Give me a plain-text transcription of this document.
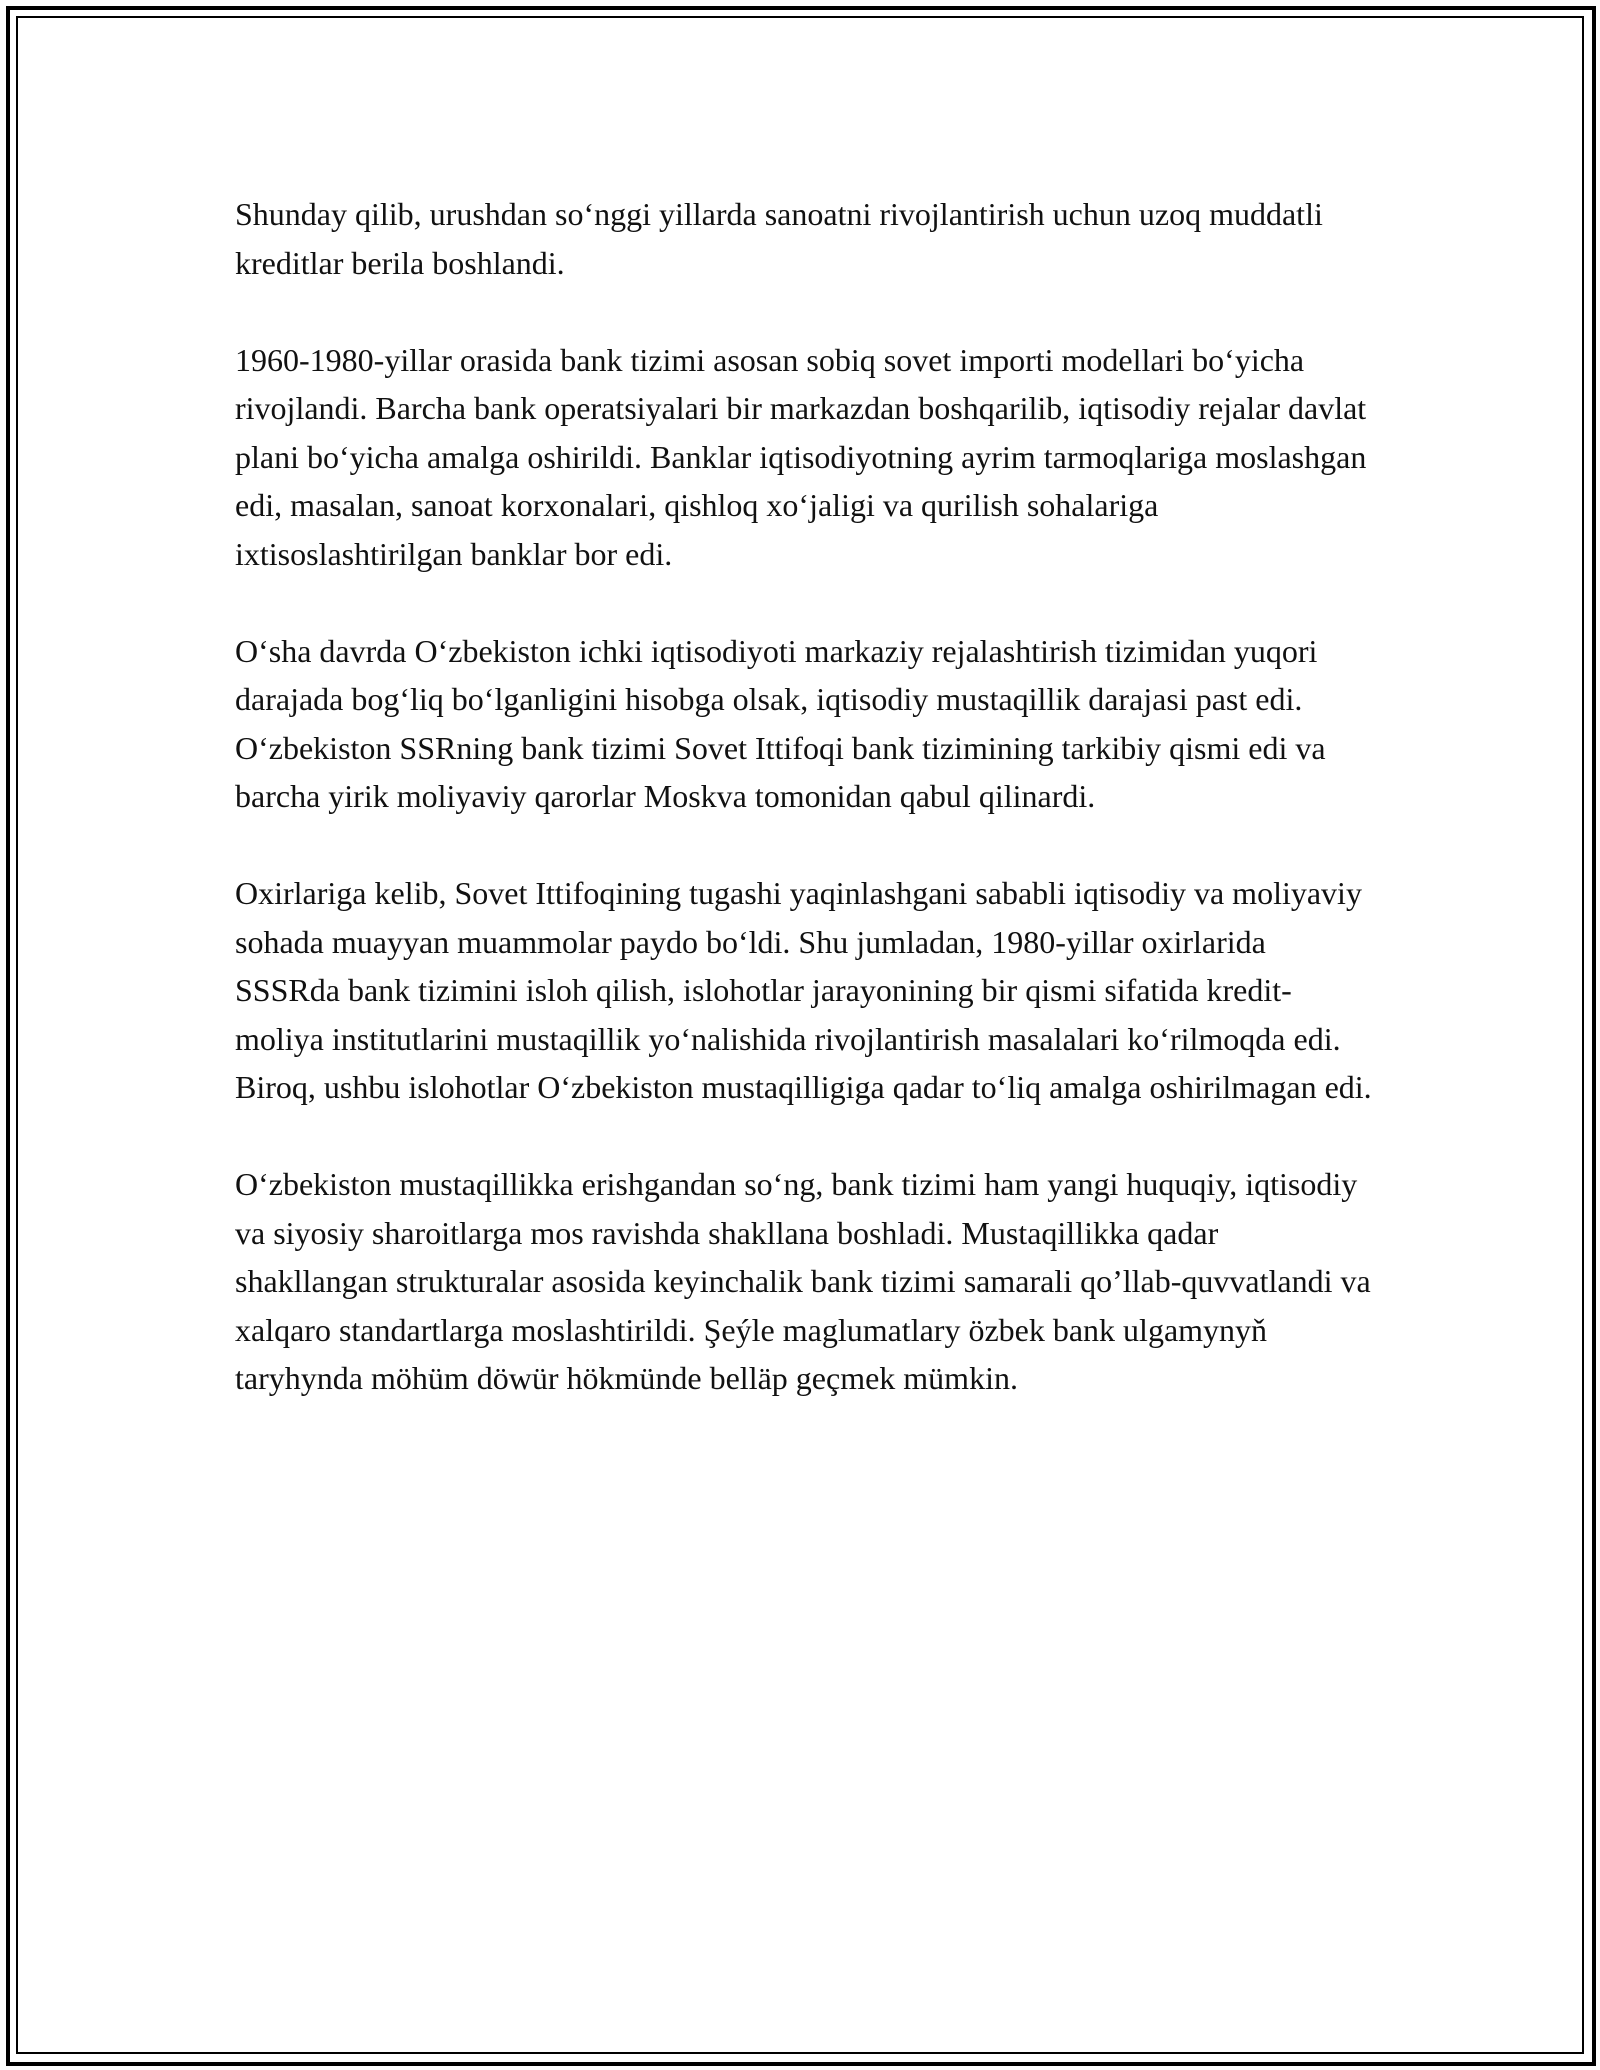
Shunday qilib, urushdan so‘nggi yillarda sanoatni rivojlantirish uchun uzoq muddatli kreditlar berila boshlandi.

1960-1980-yillar orasida bank tizimi asosan sobiq sovet importi modellari bo‘yicha rivojlandi. Barcha bank operatsiyalari bir markazdan boshqarilib, iqtisodiy rejalar davlat plani bo‘yicha amalga oshirildi. Banklar iqtisodiyotning ayrim tarmoqlariga moslashgan edi, masalan, sanoat korxonalari, qishloq xo‘jaligi va qurilish sohalariga ixtisoslashtirilgan banklar bor edi.

O‘sha davrda O‘zbekiston ichki iqtisodiyoti markaziy rejalashtirish tizimidan yuqori darajada bog‘liq bo‘lganligini hisobga olsak, iqtisodiy mustaqillik darajasi past edi. O‘zbekiston SSRning bank tizimi Sovet Ittifoqi bank tizimining tarkibiy qismi edi va barcha yirik moliyaviy qarorlar Moskva tomonidan qabul qilinardi.

Oxirlariga kelib, Sovet Ittifoqining tugashi yaqinlashgani sababli iqtisodiy va moliyaviy sohada muayyan muammolar paydo bo‘ldi. Shu jumladan, 1980-yillar oxirlarida SSSRda bank tizimini isloh qilish, islohotlar jarayonining bir qismi sifatida kredit-moliya institutlarini mustaqillik yo‘nalishida rivojlantirish masalalari ko‘rilmoqda edi. Biroq, ushbu islohotlar O‘zbekiston mustaqilligiga qadar to‘liq amalga oshirilmagan edi.

O‘zbekiston mustaqillikka erishgandan so‘ng, bank tizimi ham yangi huquqiy, iqtisodiy va siyosiy sharoitlarga mos ravishda shakllana boshladi. Mustaqillikka qadar shakllangan strukturalar asosida keyinchalik bank tizimi samarali qo’llab-quvvatlandi va xalqaro standartlarga moslashtirildi. Şeýle maglumatlary özbek bank ulgamynyň taryhynda möhüm döwür hökmünde belläp geçmek mümkin.
